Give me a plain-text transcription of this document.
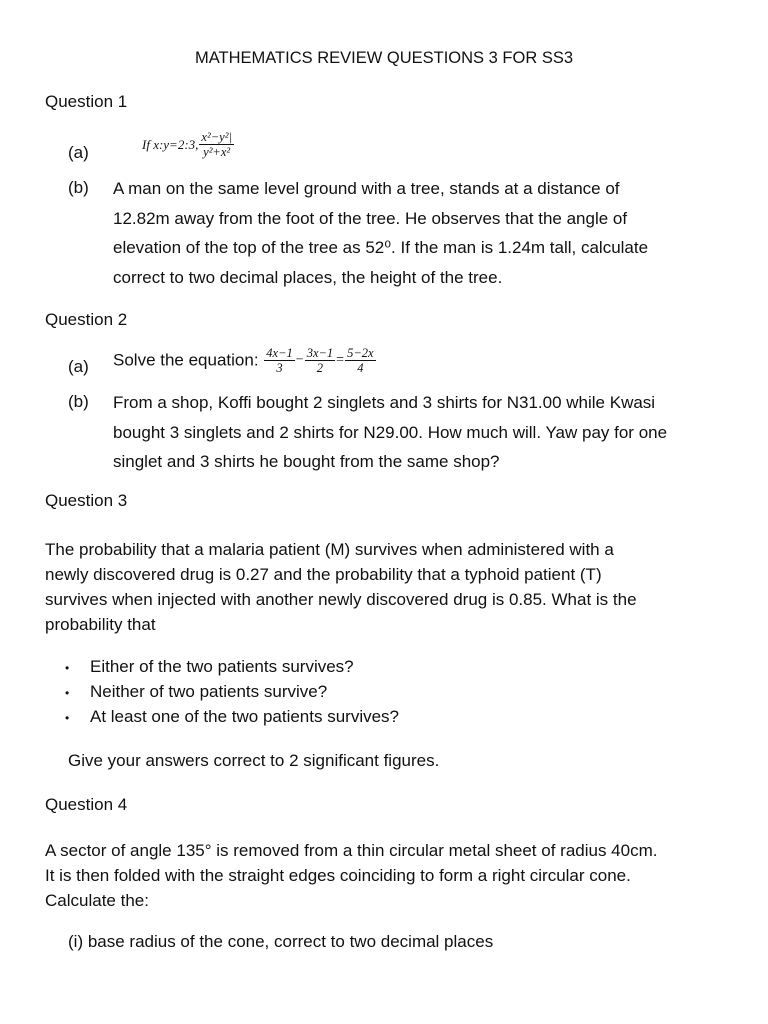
MATHEMATICS REVIEW QUESTIONS 3 FOR SS3
Question 1
(a)	If x:y=2:3, $\frac{\text{x²−y²|}}{\text{y²+x²}}$
(b) A man on the same level ground with a tree, stands at a distance of
12.82m away from the foot of the tree. He observes that the angle of
elevation of the top of the tree as 52⁰. If the man is 1.24m tall, calculate
correct to two decimal places, the height of the tree.
Question 2
(a) Solve the equation: $\frac{4x-1}{3} - \frac{3x-1}{2} = \frac{5-2x}{4}$
(b) From a shop, Koffi bought 2 singlets and 3 shirts for N31.00 while Kwasi
bought 3 singlets and 2 shirts for N29.00. How much will. Yaw pay for one
singlet and 3 shirts he bought from the same shop?
Question 3
The probability that a malaria patient (M) survives when administered with a
newly discovered drug is 0.27 and the probability that a typhoid patient (T)
survives when injected with another newly discovered drug is 0.85. What is the
probability that
• Either of the two patients survives?
• Neither of two patients survive?
• At least one of the two patients survives?
Give your answers correct to 2 significant figures.
Question 4
A sector of angle 135° is removed from a thin circular metal sheet of radius 40cm.
It is then folded with the straight edges coinciding to form a right circular cone.
Calculate the:
(i) base radius of the cone, correct to two decimal places
